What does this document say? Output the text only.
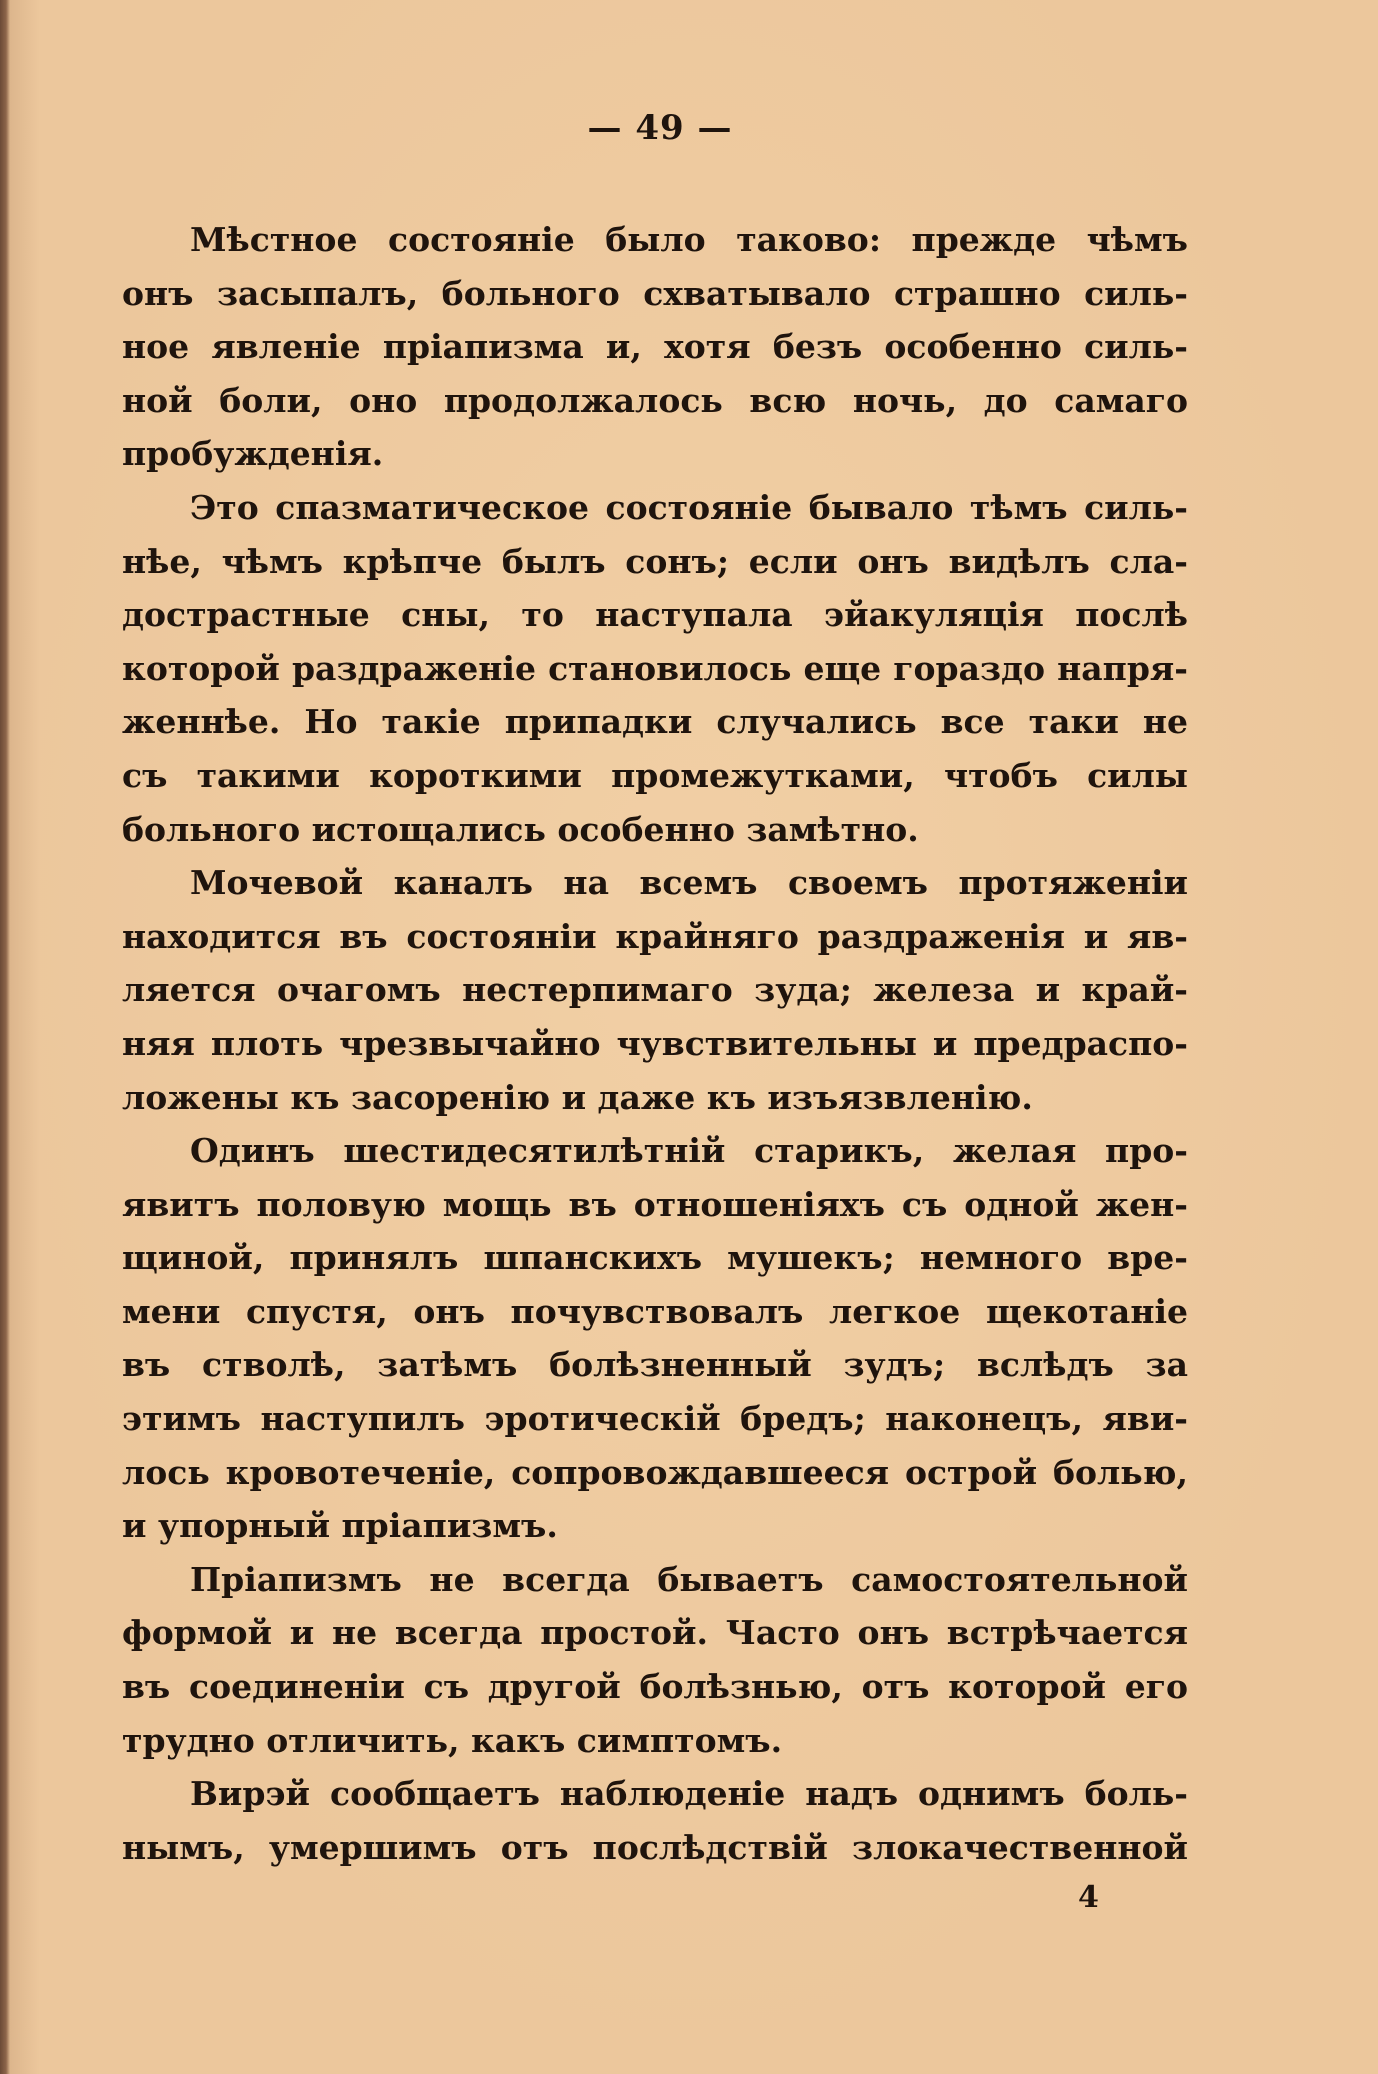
— 49 —
Мѣстное состоянiе было таково: прежде чѣмъ
онъ засыпалъ, больного схватывало страшно силь-
ное явленiе прiапизма и, хотя безъ особенно силь-
ной боли, оно продолжалось всю ночь, до самаго
пробужденiя.
Это спазматическое состоянiе бывало тѣмъ силь-
нѣе, чѣмъ крѣпче былъ сонъ; если онъ видѣлъ сла-
дострастные сны, то наступала эйакуляцiя послѣ
которой раздраженiе становилось еще гораздо напря-
женнѣе. Но такiе припадки случались все таки не
съ такими короткими промежутками, чтобъ силы
больного истощались особенно замѣтно.
Мочевой каналъ на всемъ своемъ протяженiи
находится въ состоянiи крайняго раздраженiя и яв-
ляется очагомъ нестерпимаго зуда; железа и край-
няя плоть чрезвычайно чувствительны и предраспо-
ложены къ засоренiю и даже къ изъязвленiю.
Одинъ шестидесятилѣтнiй старикъ, желая про-
явитъ половую мощь въ отношенiяхъ съ одной жен-
щиной, принялъ шпанскихъ мушекъ; немного вре-
мени спустя, онъ почувствовалъ легкое щекотанiе
въ стволѣ, затѣмъ болѣзненный зудъ; вслѣдъ за
этимъ наступилъ эротическiй бредъ; наконецъ, яви-
лось кровотеченiе, сопровождавшееся острой болью,
и упорный прiапизмъ.
Прiапизмъ не всегда бываетъ самостоятельной
формой и не всегда простой. Часто онъ встрѣчается
въ соединенiи съ другой болѣзнью, отъ которой его
трудно отличить, какъ симптомъ.
Вирэй сообщаетъ наблюденiе надъ однимъ боль-
нымъ, умершимъ отъ послѣдствiй злокачественной
4
